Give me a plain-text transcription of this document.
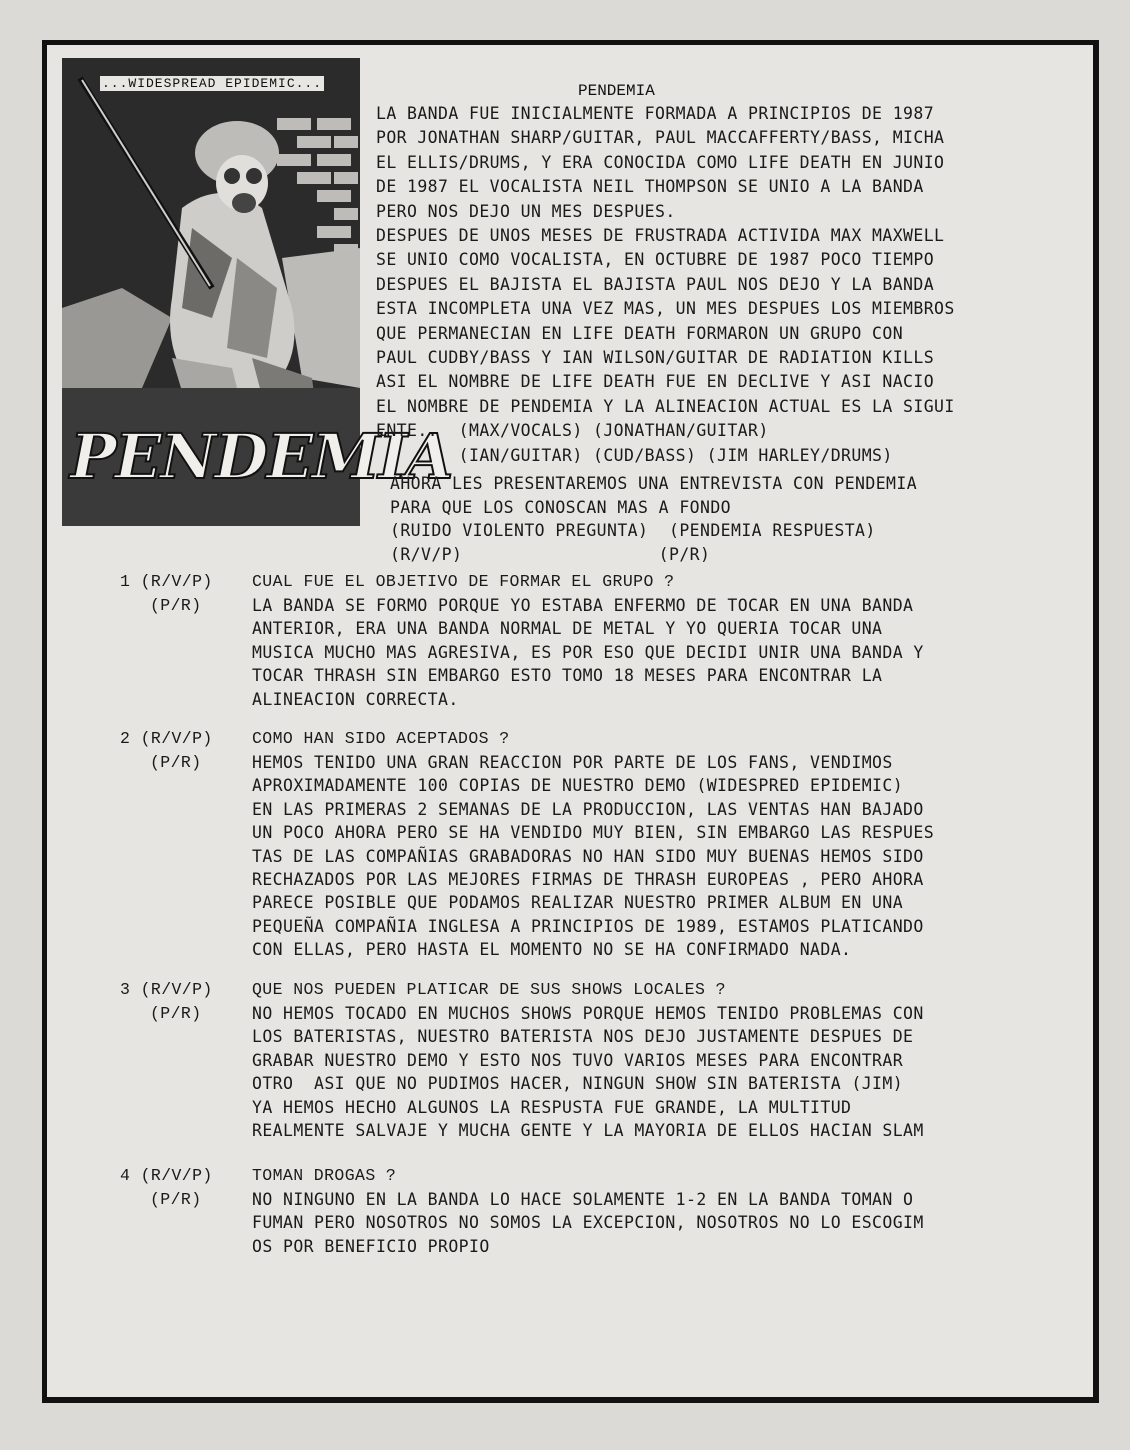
...WIDESPREAD EPIDEMIC...
PENDEMIA
PENDEMIA
LA BANDA FUE INICIALMENTE FORMADA A PRINCIPIOS DE 1987
POR JONATHAN SHARP/GUITAR, PAUL MACCAFFERTY/BASS, MICHA
EL ELLIS/DRUMS, Y ERA CONOCIDA COMO LIFE DEATH EN JUNIO
DE 1987 EL VOCALISTA NEIL THOMPSON SE UNIO A LA BANDA
PERO NOS DEJO UN MES DESPUES.
DESPUES DE UNOS MESES DE FRUSTRADA ACTIVIDA MAX MAXWELL
SE UNIO COMO VOCALISTA, EN OCTUBRE DE 1987 POCO TIEMPO
DESPUES EL BAJISTA EL BAJISTA PAUL NOS DEJO Y LA BANDA
ESTA INCOMPLETA UNA VEZ MAS, UN MES DESPUES LOS MIEMBROS
QUE PERMANECIAN EN LIFE DEATH FORMARON UN GRUPO CON
PAUL CUDBY/BASS Y IAN WILSON/GUITAR DE RADIATION KILLS
ASI EL NOMBRE DE LIFE DEATH FUE EN DECLIVE Y ASI NACIO
EL NOMBRE DE PENDEMIA Y LA ALINEACION ACTUAL ES LA SIGUI
ENTE..  (MAX/VOCALS) (JONATHAN/GUITAR)
(IAN/GUITAR) (CUD/BASS) (JIM HARLEY/DRUMS)
AHORA LES PRESENTAREMOS UNA ENTREVISTA CON PENDEMIA
PARA QUE LOS CONOSCAN MAS A FONDO
(RUIDO VIOLENTO PREGUNTA)  (PENDEMIA RESPUESTA)
(R/V/P)                   (P/R)
1 (R/V/P)	CUAL FUE EL OBJETIVO DE FORMAR EL GRUPO ?
(P/R)	LA BANDA SE FORMO PORQUE YO ESTABA ENFERMO DE TOCAR EN UNA BANDA
ANTERIOR, ERA UNA BANDA NORMAL DE METAL Y YO QUERIA TOCAR UNA
MUSICA MUCHO MAS AGRESIVA, ES POR ESO QUE DECIDI UNIR UNA BANDA Y
TOCAR THRASH SIN EMBARGO ESTO TOMO 18 MESES PARA ENCONTRAR LA
ALINEACION CORRECTA.
2 (R/V/P)	COMO HAN SIDO ACEPTADOS ?
(P/R)	HEMOS TENIDO UNA GRAN REACCION POR PARTE DE LOS FANS, VENDIMOS
APROXIMADAMENTE 100 COPIAS DE NUESTRO DEMO (WIDESPRED EPIDEMIC)
EN LAS PRIMERAS 2 SEMANAS DE LA PRODUCCION, LAS VENTAS HAN BAJADO
UN POCO AHORA PERO SE HA VENDIDO MUY BIEN, SIN EMBARGO LAS RESPUES
TAS DE LAS COMPAÑIAS GRABADORAS NO HAN SIDO MUY BUENAS HEMOS SIDO
RECHAZADOS POR LAS MEJORES FIRMAS DE THRASH EUROPEAS , PERO AHORA
PARECE POSIBLE QUE PODAMOS REALIZAR NUESTRO PRIMER ALBUM EN UNA
PEQUEÑA COMPAÑIA INGLESA A PRINCIPIOS DE 1989, ESTAMOS PLATICANDO
CON ELLAS, PERO HASTA EL MOMENTO NO SE HA CONFIRMADO NADA.
3 (R/V/P)	QUE NOS PUEDEN PLATICAR DE SUS SHOWS LOCALES ?
(P/R)	NO HEMOS TOCADO EN MUCHOS SHOWS PORQUE HEMOS TENIDO PROBLEMAS CON
LOS BATERISTAS, NUESTRO BATERISTA NOS DEJO JUSTAMENTE DESPUES DE
GRABAR NUESTRO DEMO Y ESTO NOS TUVO VARIOS MESES PARA ENCONTRAR
OTRO  ASI QUE NO PUDIMOS HACER, NINGUN SHOW SIN BATERISTA (JIM)
YA HEMOS HECHO ALGUNOS LA RESPUSTA FUE GRANDE, LA MULTITUD
REALMENTE SALVAJE Y MUCHA GENTE Y LA MAYORIA DE ELLOS HACIAN SLAM
4 (R/V/P)	TOMAN DROGAS ?
(P/R)	NO NINGUNO EN LA BANDA LO HACE SOLAMENTE 1-2 EN LA BANDA TOMAN O
FUMAN PERO NOSOTROS NO SOMOS LA EXCEPCION, NOSOTROS NO LO ESCOGIM
OS POR BENEFICIO PROPIO
